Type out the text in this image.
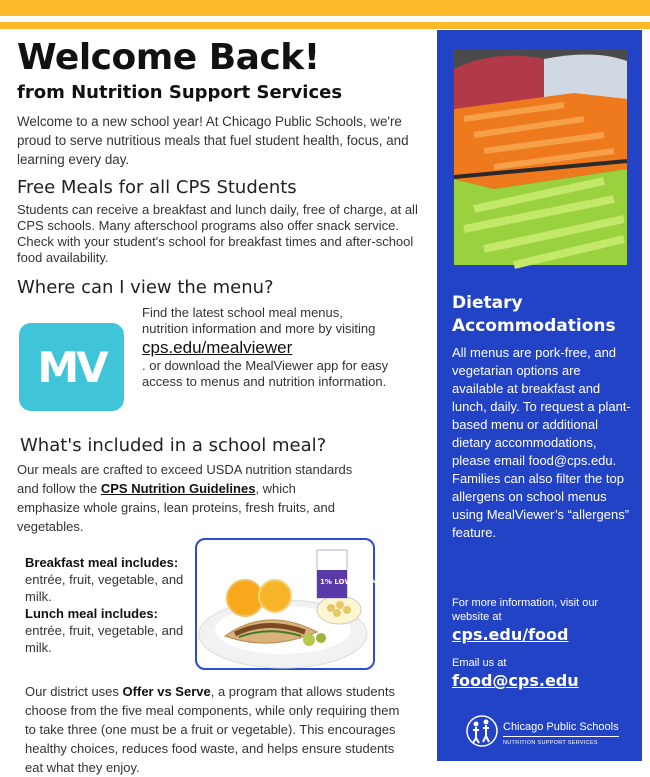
Welcome Back!
from Nutrition Support Services

Welcome to a new school year! At Chicago Public Schools, we're proud to serve nutritious meals that fuel student health, focus, and learning every day.

Free Meals for all CPS Students

Students can receive a breakfast and lunch daily, free of charge, at all CPS schools. Many afterschool programs also offer snack service. Check with your student's school for breakfast times and after-school food availability.

Where can I view the menu?
MV
Find the latest school meal menus, nutrition information and more by visiting
cps.edu/mealviewer
. or download the MealViewer app for easy access to menus and nutrition information.
What's included in a school meal?

Our meals are crafted to exceed USDA nutrition standards and follow the CPS Nutrition Guidelines, which emphasize whole grains, lean proteins, fresh fruits, and vegetables.

Breakfast meal includes:
entrée, fruit, vegetable, and milk.
Lunch meal includes:
entrée, fruit, vegetable, and milk.
1% LOW FAT MILK

Our district uses Offer vs Serve, a program that allows students choose from the five meal components, while only requiring them to take three (one must be a fruit or vegetable). This encourages healthy choices, reduces food waste, and helps ensure students eat what they enjoy.

Dietary Accommodations

All menus are pork-free, and vegetarian options are available at breakfast and lunch, daily. To request a plant-based menu or additional dietary accommodations, please email food@cps.edu. Families can also filter the top allergens on school menus using MealViewer’s “allergens” feature.

For more information, visit our website at
cps.edu/food
Email us at
food@cps.edu
Chicago Public Schools
NUTRITION SUPPORT SERVICES
